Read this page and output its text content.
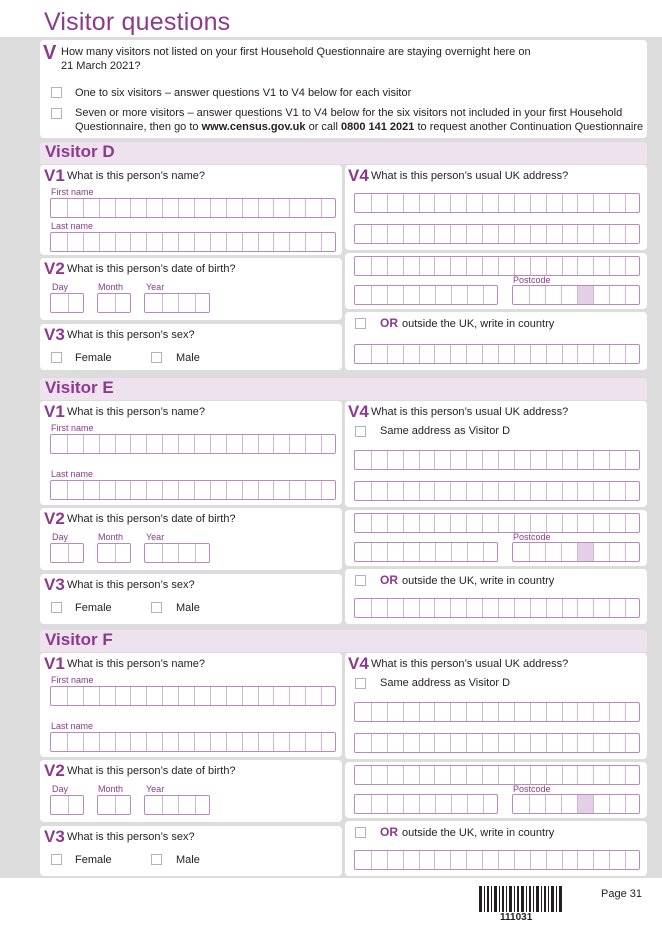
Visitor questions
V How many visitors not listed on your first Household Questionnaire are staying overnight here on
21 March 2021?
One to six visitors – answer questions V1 to V4 below for each visitor
Seven or more visitors – answer questions V1 to V4 below for the six visitors not included in your first Household
Questionnaire, then go to www.census.gov.uk or call 0800 141 2021 to request another Continuation Questionnaire
Visitor D
V1 What is this person’s name?
First name
Last name
V2 What is this person’s date of birth?
Day	Month	Year
V3 What is this person’s sex?
Female	Male
V4 What is this person’s usual UK address?
Postcode
OR outside the UK, write in country
Visitor E
V1 What is this person’s name?
First name
Last name
V2 What is this person’s date of birth?
Day	Month	Year
V3 What is this person’s sex?
Female	Male
V4 What is this person’s usual UK address?
Same address as Visitor D
Postcode
OR outside the UK, write in country
Visitor F
V1 What is this person’s name?
First name
Last name
V2 What is this person’s date of birth?
Day	Month	Year
V3 What is this person’s sex?
Female	Male
V4 What is this person’s usual UK address?
Same address as Visitor D
Postcode
OR outside the UK, write in country
111031
Page 31
